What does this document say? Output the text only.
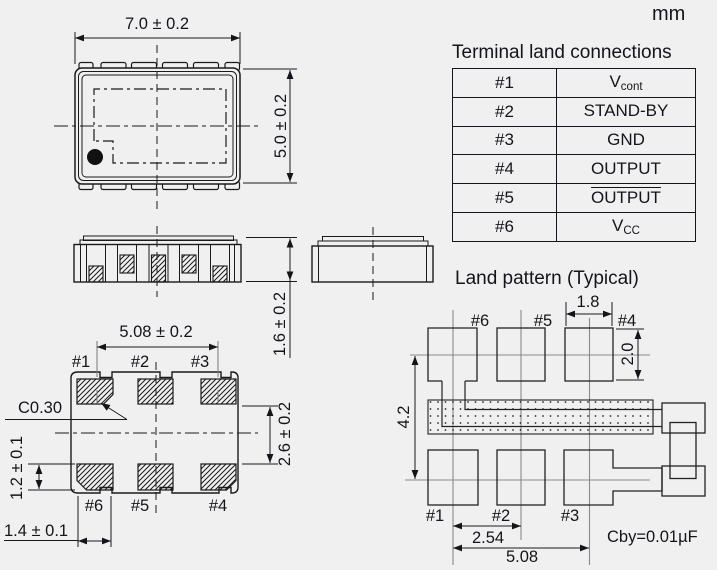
7.0 ± 0.2
5.0 ± 0.2
1.6 ± 0.2
5.08 ± 0.2
C0.30
1.2 ± 0.1
1.4 ± 0.1
2.6 ± 0.2
#1 #2	#3
#6 #5	#4
Land pattern (Typical)
#6	#5	#4
#1	#2	#3
1.8
2.0
4.2
2.54
5.08
Cby=0.01µF
mm
Terminal land connections
#1	Vcont
#2	STAND-BY
#3	GND
#4	OUTPUT
#5	OUTPUT
#6	VCC
